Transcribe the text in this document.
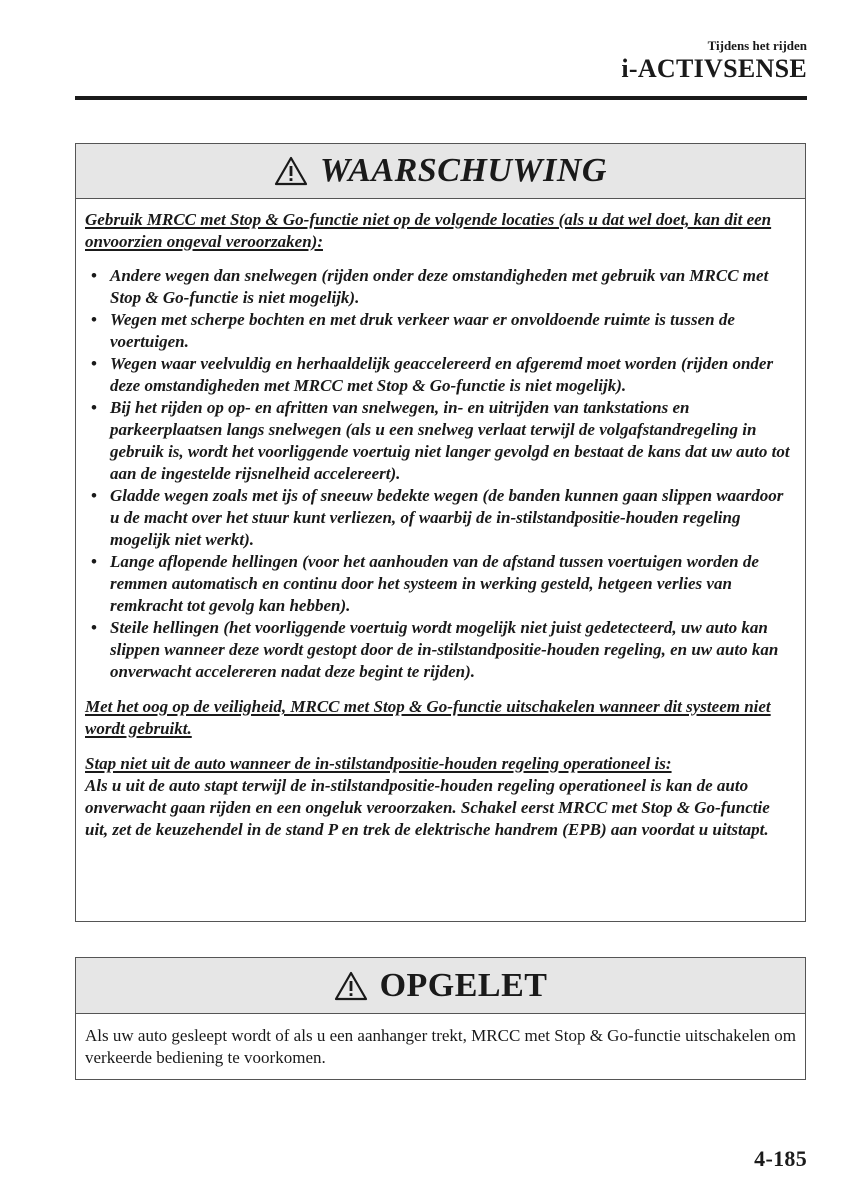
Tijdens het rijden
i-ACTIVSENSE
WAARSCHUWING

Gebruik MRCC met Stop & Go-functie niet op de volgende locaties (als u dat wel doet, kan dit een onvoorzien ongeval veroorzaken):

• Andere wegen dan snelwegen (rijden onder deze omstandigheden met gebruik van MRCC met Stop & Go-functie is niet mogelijk).
• Wegen met scherpe bochten en met druk verkeer waar er onvoldoende ruimte is tussen de voertuigen.
• Wegen waar veelvuldig en herhaaldelijk geaccelereerd en afgeremd moet worden (rijden onder deze omstandigheden met MRCC met Stop & Go-functie is niet mogelijk).
• Bij het rijden op op- en afritten van snelwegen, in- en uitrijden van tankstations en parkeerplaatsen langs snelwegen (als u een snelweg verlaat terwijl de volgafstandregeling in gebruik is, wordt het voorliggende voertuig niet langer gevolgd en bestaat de kans dat uw auto tot aan de ingestelde rijsnelheid accelereert).
• Gladde wegen zoals met ijs of sneeuw bedekte wegen (de banden kunnen gaan slippen waardoor u de macht over het stuur kunt verliezen, of waarbij de in-stilstandpositie-houden regeling mogelijk niet werkt).
• Lange aflopende hellingen (voor het aanhouden van de afstand tussen voertuigen worden de remmen automatisch en continu door het systeem in werking gesteld, hetgeen verlies van remkracht tot gevolg kan hebben).
• Steile hellingen (het voorliggende voertuig wordt mogelijk niet juist gedetecteerd, uw auto kan slippen wanneer deze wordt gestopt door de in-stilstandpositie-houden regeling, en uw auto kan onverwacht accelereren nadat deze begint te rijden).

Met het oog op de veiligheid, MRCC met Stop & Go-functie uitschakelen wanneer dit systeem niet wordt gebruikt.

Stap niet uit de auto wanneer de in-stilstandpositie-houden regeling operationeel is:

Als u uit de auto stapt terwijl de in-stilstandpositie-houden regeling operationeel is kan de auto onverwacht gaan rijden en een ongeluk veroorzaken. Schakel eerst MRCC met Stop & Go-functie uit, zet de keuzehendel in de stand P en trek de elektrische handrem (EPB) aan voordat u uitstapt.

OPGELET
Als uw auto gesleept wordt of als u een aanhanger trekt, MRCC met Stop & Go-functie uitschakelen om verkeerde bediening te voorkomen.
4-185
